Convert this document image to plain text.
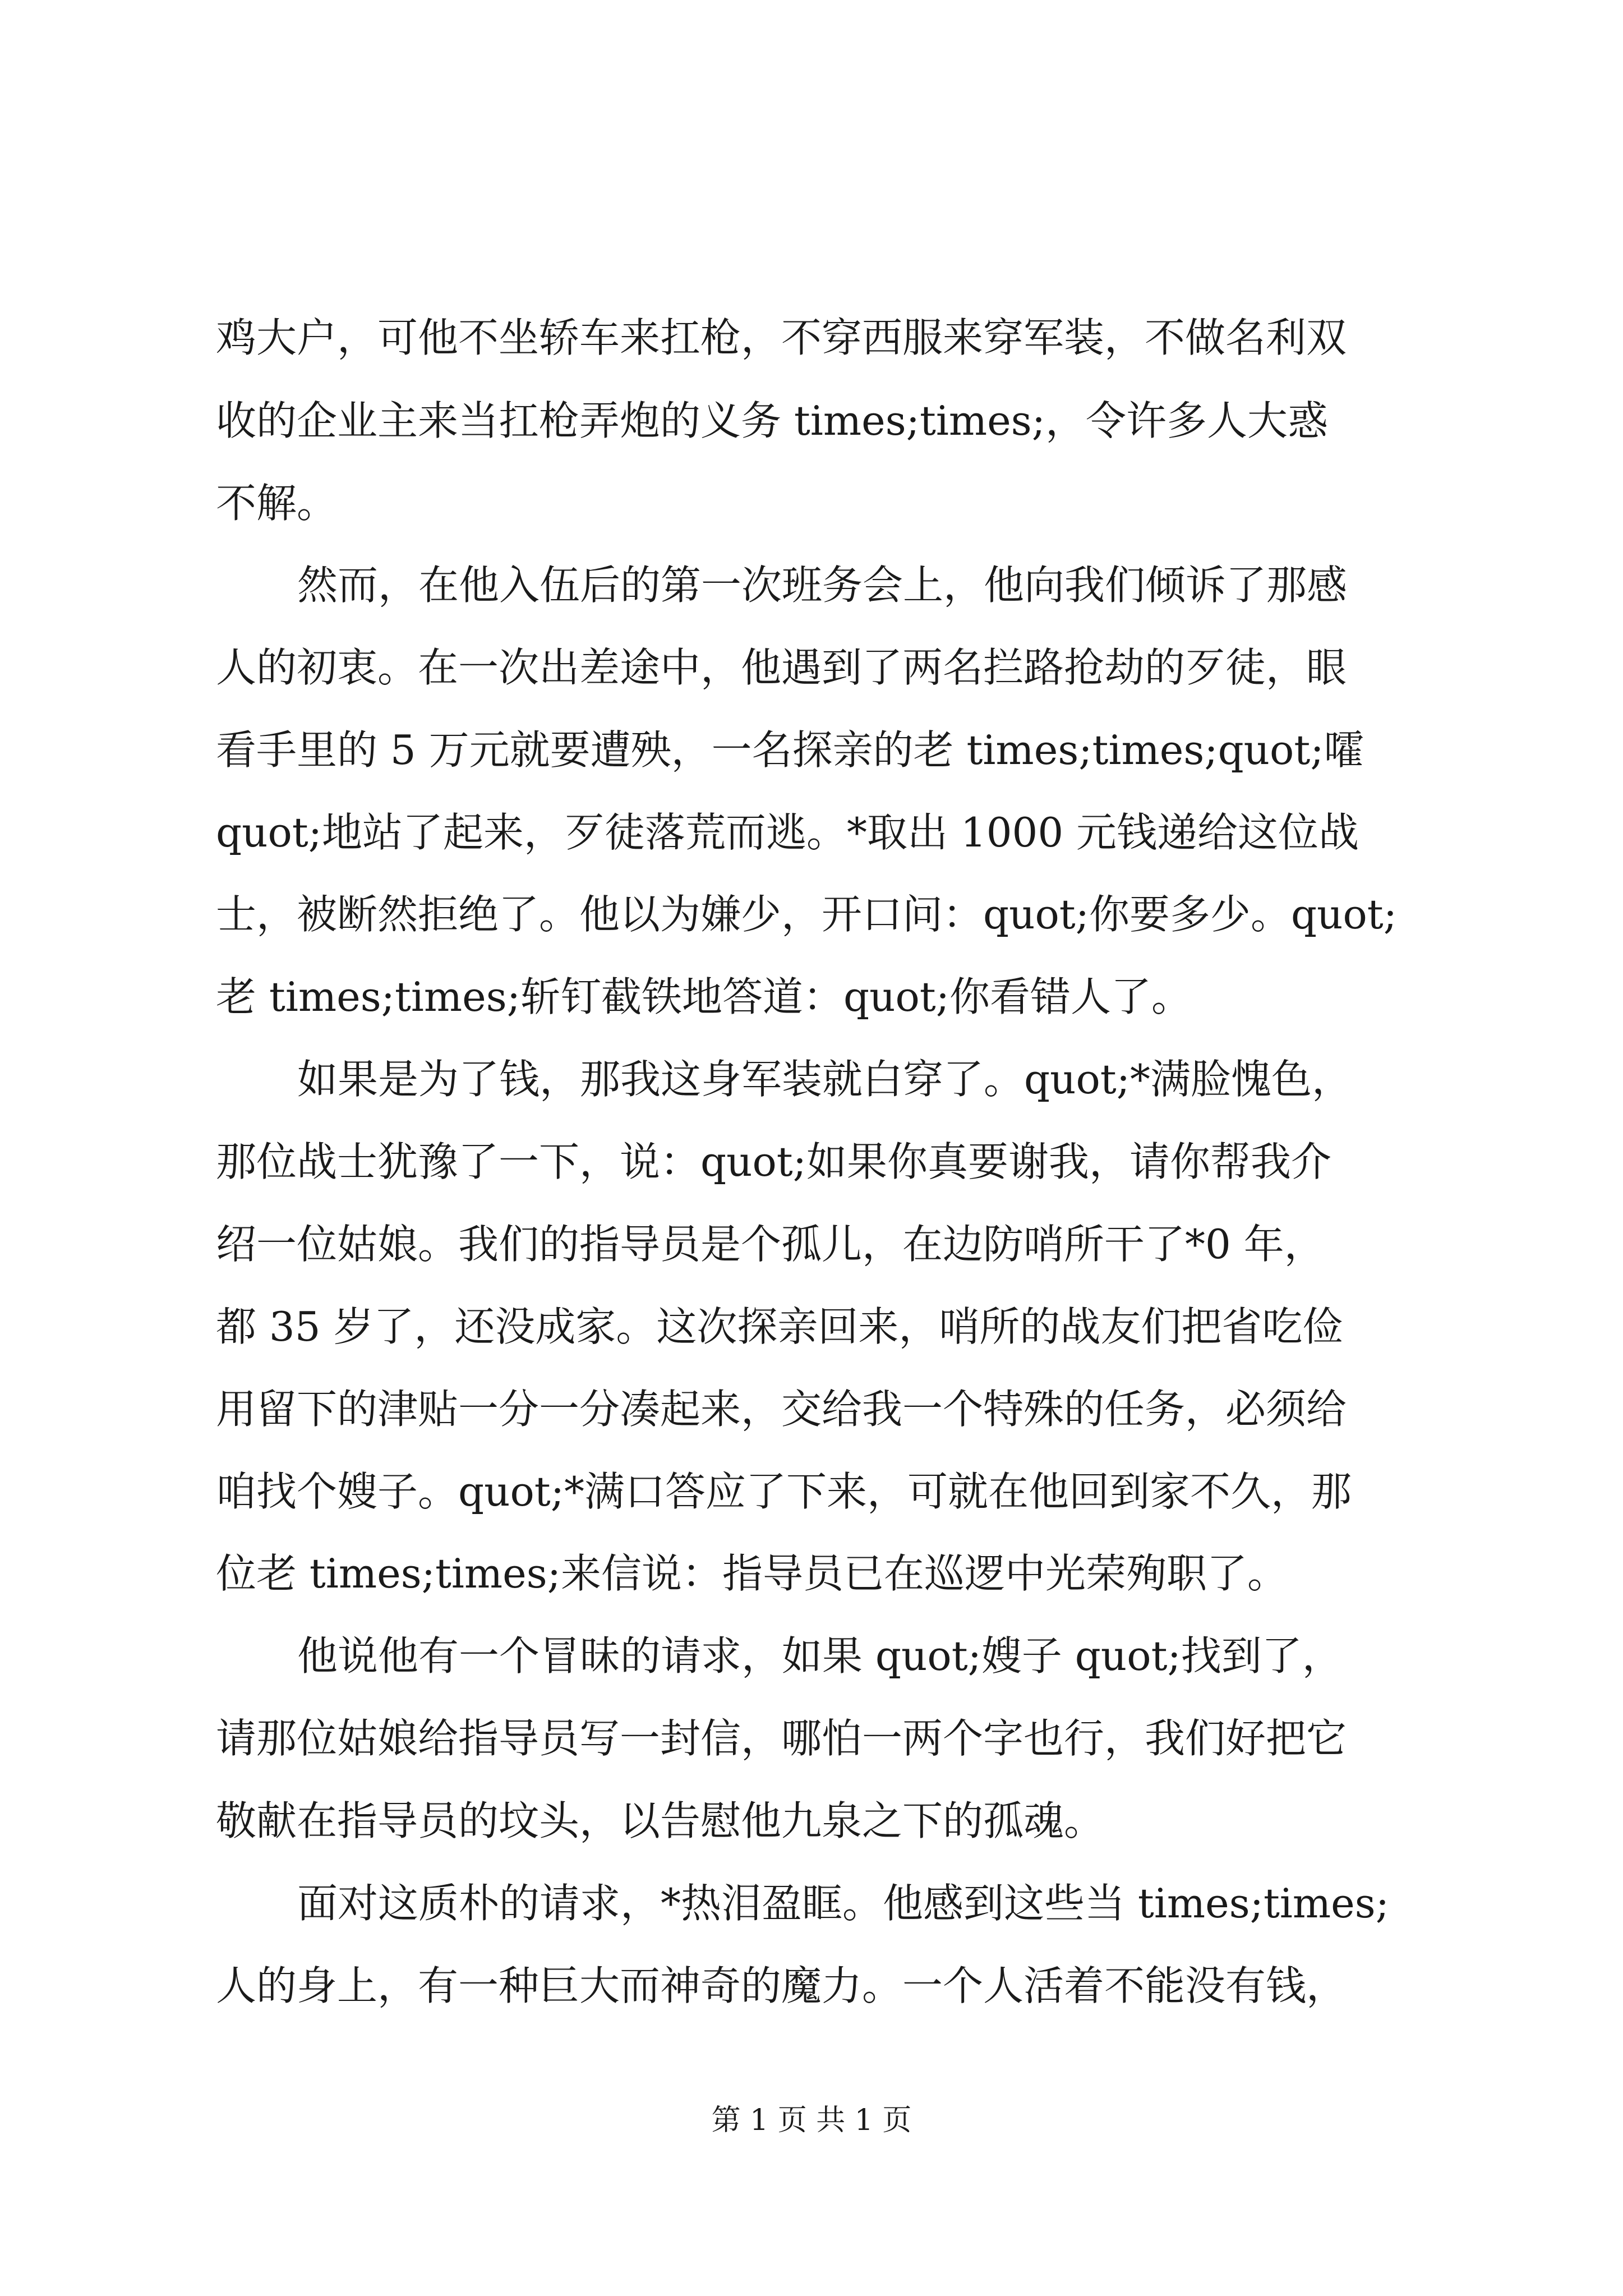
鸡大户，可他不坐轿车来扛枪，不穿西服来穿军装，不做名利双
收的企业主来当扛枪弄炮的义务 times;times;，令许多人大惑
不解。
然而，在他入伍后的第一次班务会上，他向我们倾诉了那感
人的初衷。在一次出差途中，他遇到了两名拦路抢劫的歹徒，眼
看手里的 5 万元就要遭殃，一名探亲的老 times;times;quot;嚯
quot;地站了起来，歹徒落荒而逃。*取出 1000 元钱递给这位战
士，被断然拒绝了。他以为嫌少，开口问：quot;你要多少。quot;
老 times;times;斩钉截铁地答道：quot;你看错人了。
如果是为了钱，那我这身军装就白穿了。quot;*满脸愧色，
那位战士犹豫了一下，说：quot;如果你真要谢我，请你帮我介
绍一位姑娘。我们的指导员是个孤儿，在边防哨所干了*0 年，
都 35 岁了，还没成家。这次探亲回来，哨所的战友们把省吃俭
用留下的津贴一分一分凑起来，交给我一个特殊的任务，必须给
咱找个嫂子。quot;*满口答应了下来，可就在他回到家不久，那
位老 times;times;来信说：指导员已在巡逻中光荣殉职了。
他说他有一个冒昧的请求，如果 quot;嫂子 quot;找到了，
请那位姑娘给指导员写一封信，哪怕一两个字也行，我们好把它
敬献在指导员的坟头，以告慰他九泉之下的孤魂。
面对这质朴的请求，*热泪盈眶。他感到这些当 times;times;
人的身上，有一种巨大而神奇的魔力。一个人活着不能没有钱，
第 1 页 共 1 页
